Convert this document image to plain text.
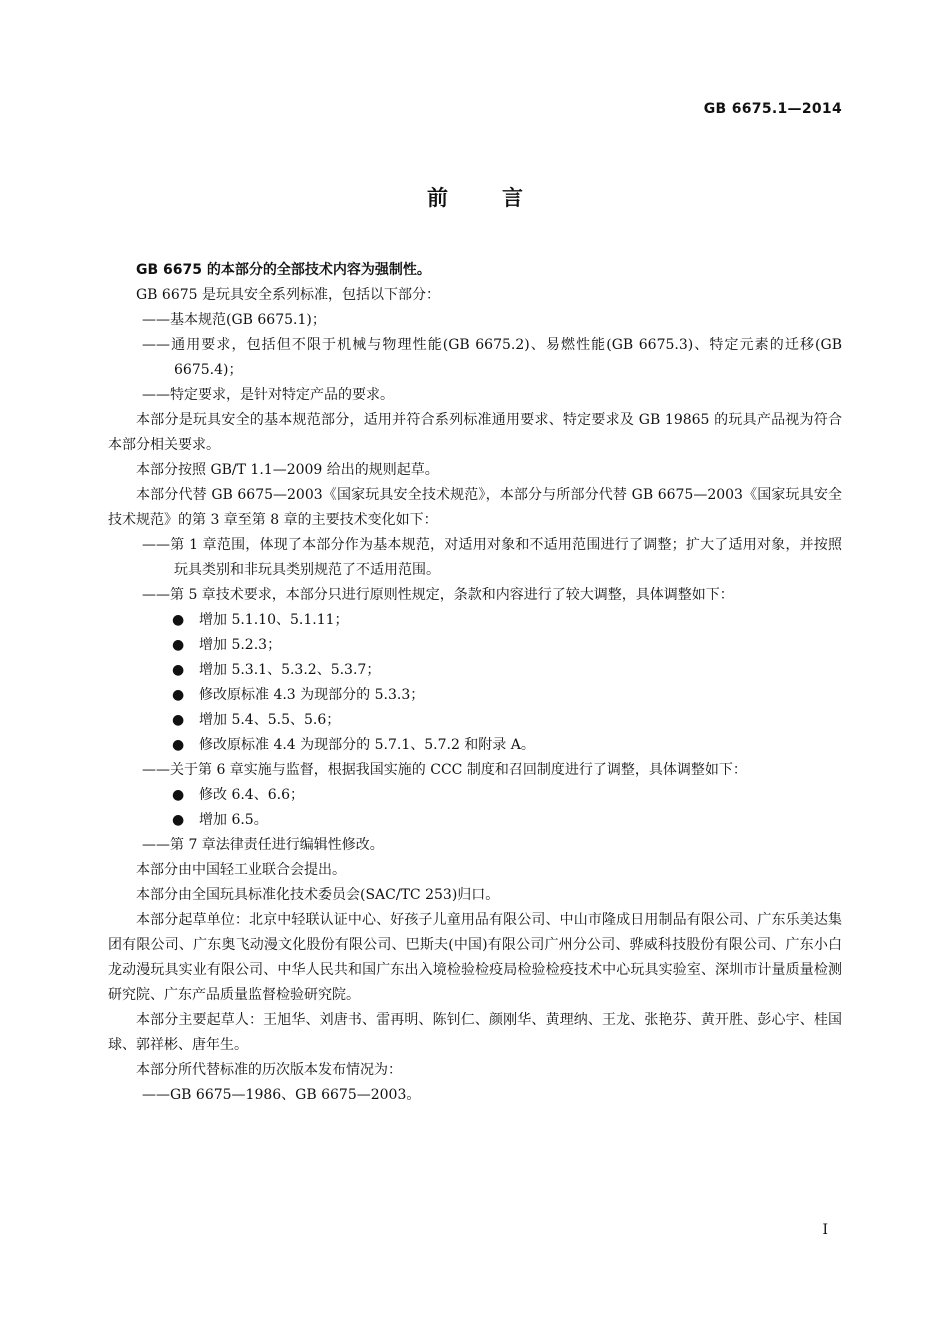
GB 6675.1—2014
前言

GB 6675 的本部分的全部技术内容为强制性。

GB 6675 是玩具安全系列标准，包括以下部分：

——基本规范(GB 6675.1)；

——通用要求，包括但不限于机械与物理性能(GB 6675.2)、易燃性能(GB 6675.3)、特定元素的迁移(GB 6675.4)；

——特定要求，是针对特定产品的要求。

本部分是玩具安全的基本规范部分，适用并符合系列标准通用要求、特定要求及 GB 19865 的玩具产品视为符合本部分相关要求。

本部分按照 GB/T 1.1—2009 给出的规则起草。

本部分代替 GB 6675—2003《国家玩具安全技术规范》，本部分与所部分代替 GB 6675—2003《国家玩具安全技术规范》的第 3 章至第 8 章的主要技术变化如下：

——第 1 章范围，体现了本部分作为基本规范，对适用对象和不适用范围进行了调整；扩大了适用对象，并按照玩具类别和非玩具类别规范了不适用范围。

——第 5 章技术要求，本部分只进行原则性规定，条款和内容进行了较大调整，具体调整如下：

● 增加 5.1.10、5.1.11；

● 增加 5.2.3；

● 增加 5.3.1、5.3.2、5.3.7；

● 修改原标准 4.3 为现部分的 5.3.3；

● 增加 5.4、5.5、5.6；

● 修改原标准 4.4 为现部分的 5.7.1、5.7.2 和附录 A。

——关于第 6 章实施与监督，根据我国实施的 CCC 制度和召回制度进行了调整，具体调整如下：

● 修改 6.4、6.6；

● 增加 6.5。

——第 7 章法律责任进行编辑性修改。

本部分由中国轻工业联合会提出。

本部分由全国玩具标准化技术委员会(SAC/TC 253)归口。

本部分起草单位：北京中轻联认证中心、好孩子儿童用品有限公司、中山市隆成日用制品有限公司、广东乐美达集团有限公司、广东奥飞动漫文化股份有限公司、巴斯夫(中国)有限公司广州分公司、骅威科技股份有限公司、广东小白龙动漫玩具实业有限公司、中华人民共和国广东出入境检验检疫局检验检疫技术中心玩具实验室、深圳市计量质量检测研究院、广东产品质量监督检验研究院。

本部分主要起草人：王旭华、刘唐书、雷再明、陈钊仁、颜刚华、黄理纳、王龙、张艳芬、黄开胜、彭心宇、桂国球、郭祥彬、唐年生。

本部分所代替标准的历次版本发布情况为：

——GB 6675—1986、GB 6675—2003。

I
